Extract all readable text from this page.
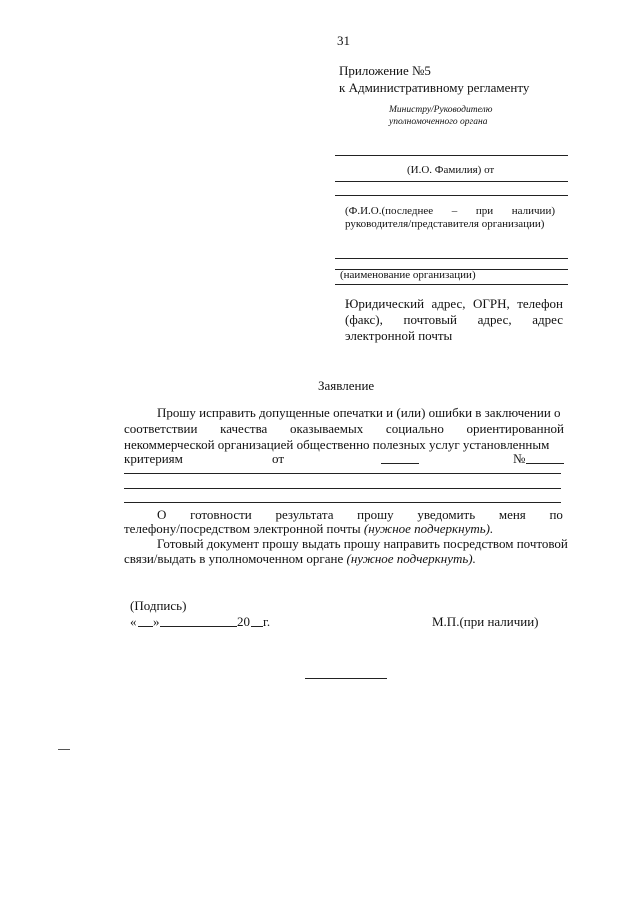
31
Приложение №5
к Административному регламенту
Министру/Руководителю
уполномоченного органа
(И.О. Фамилия) от
(Ф.И.О.(последнее – при наличии)
руководителя/представителя организации)
(наименование организации)
Юридический адрес, ОГРН, телефон
(факс), почтовый адрес, адрес
электронной почты
Заявление
Прошу исправить допущенные опечатки и (или) ошибки в заключении о
соответствии качества оказываемых социально ориентированной
некоммерческой организацией общественно полезных услуг установленным
критериям	от	№
О готовности результата прошу уведомить меня по
телефону/посредством электронной почты (нужное подчеркнуть).
Готовый документ прошу выдать прошу направить посредством почтовой
связи/выдать в уполномоченном органе (нужное подчеркнуть).
(Подпись)
« »	20 г.	М.П.(при наличии)
